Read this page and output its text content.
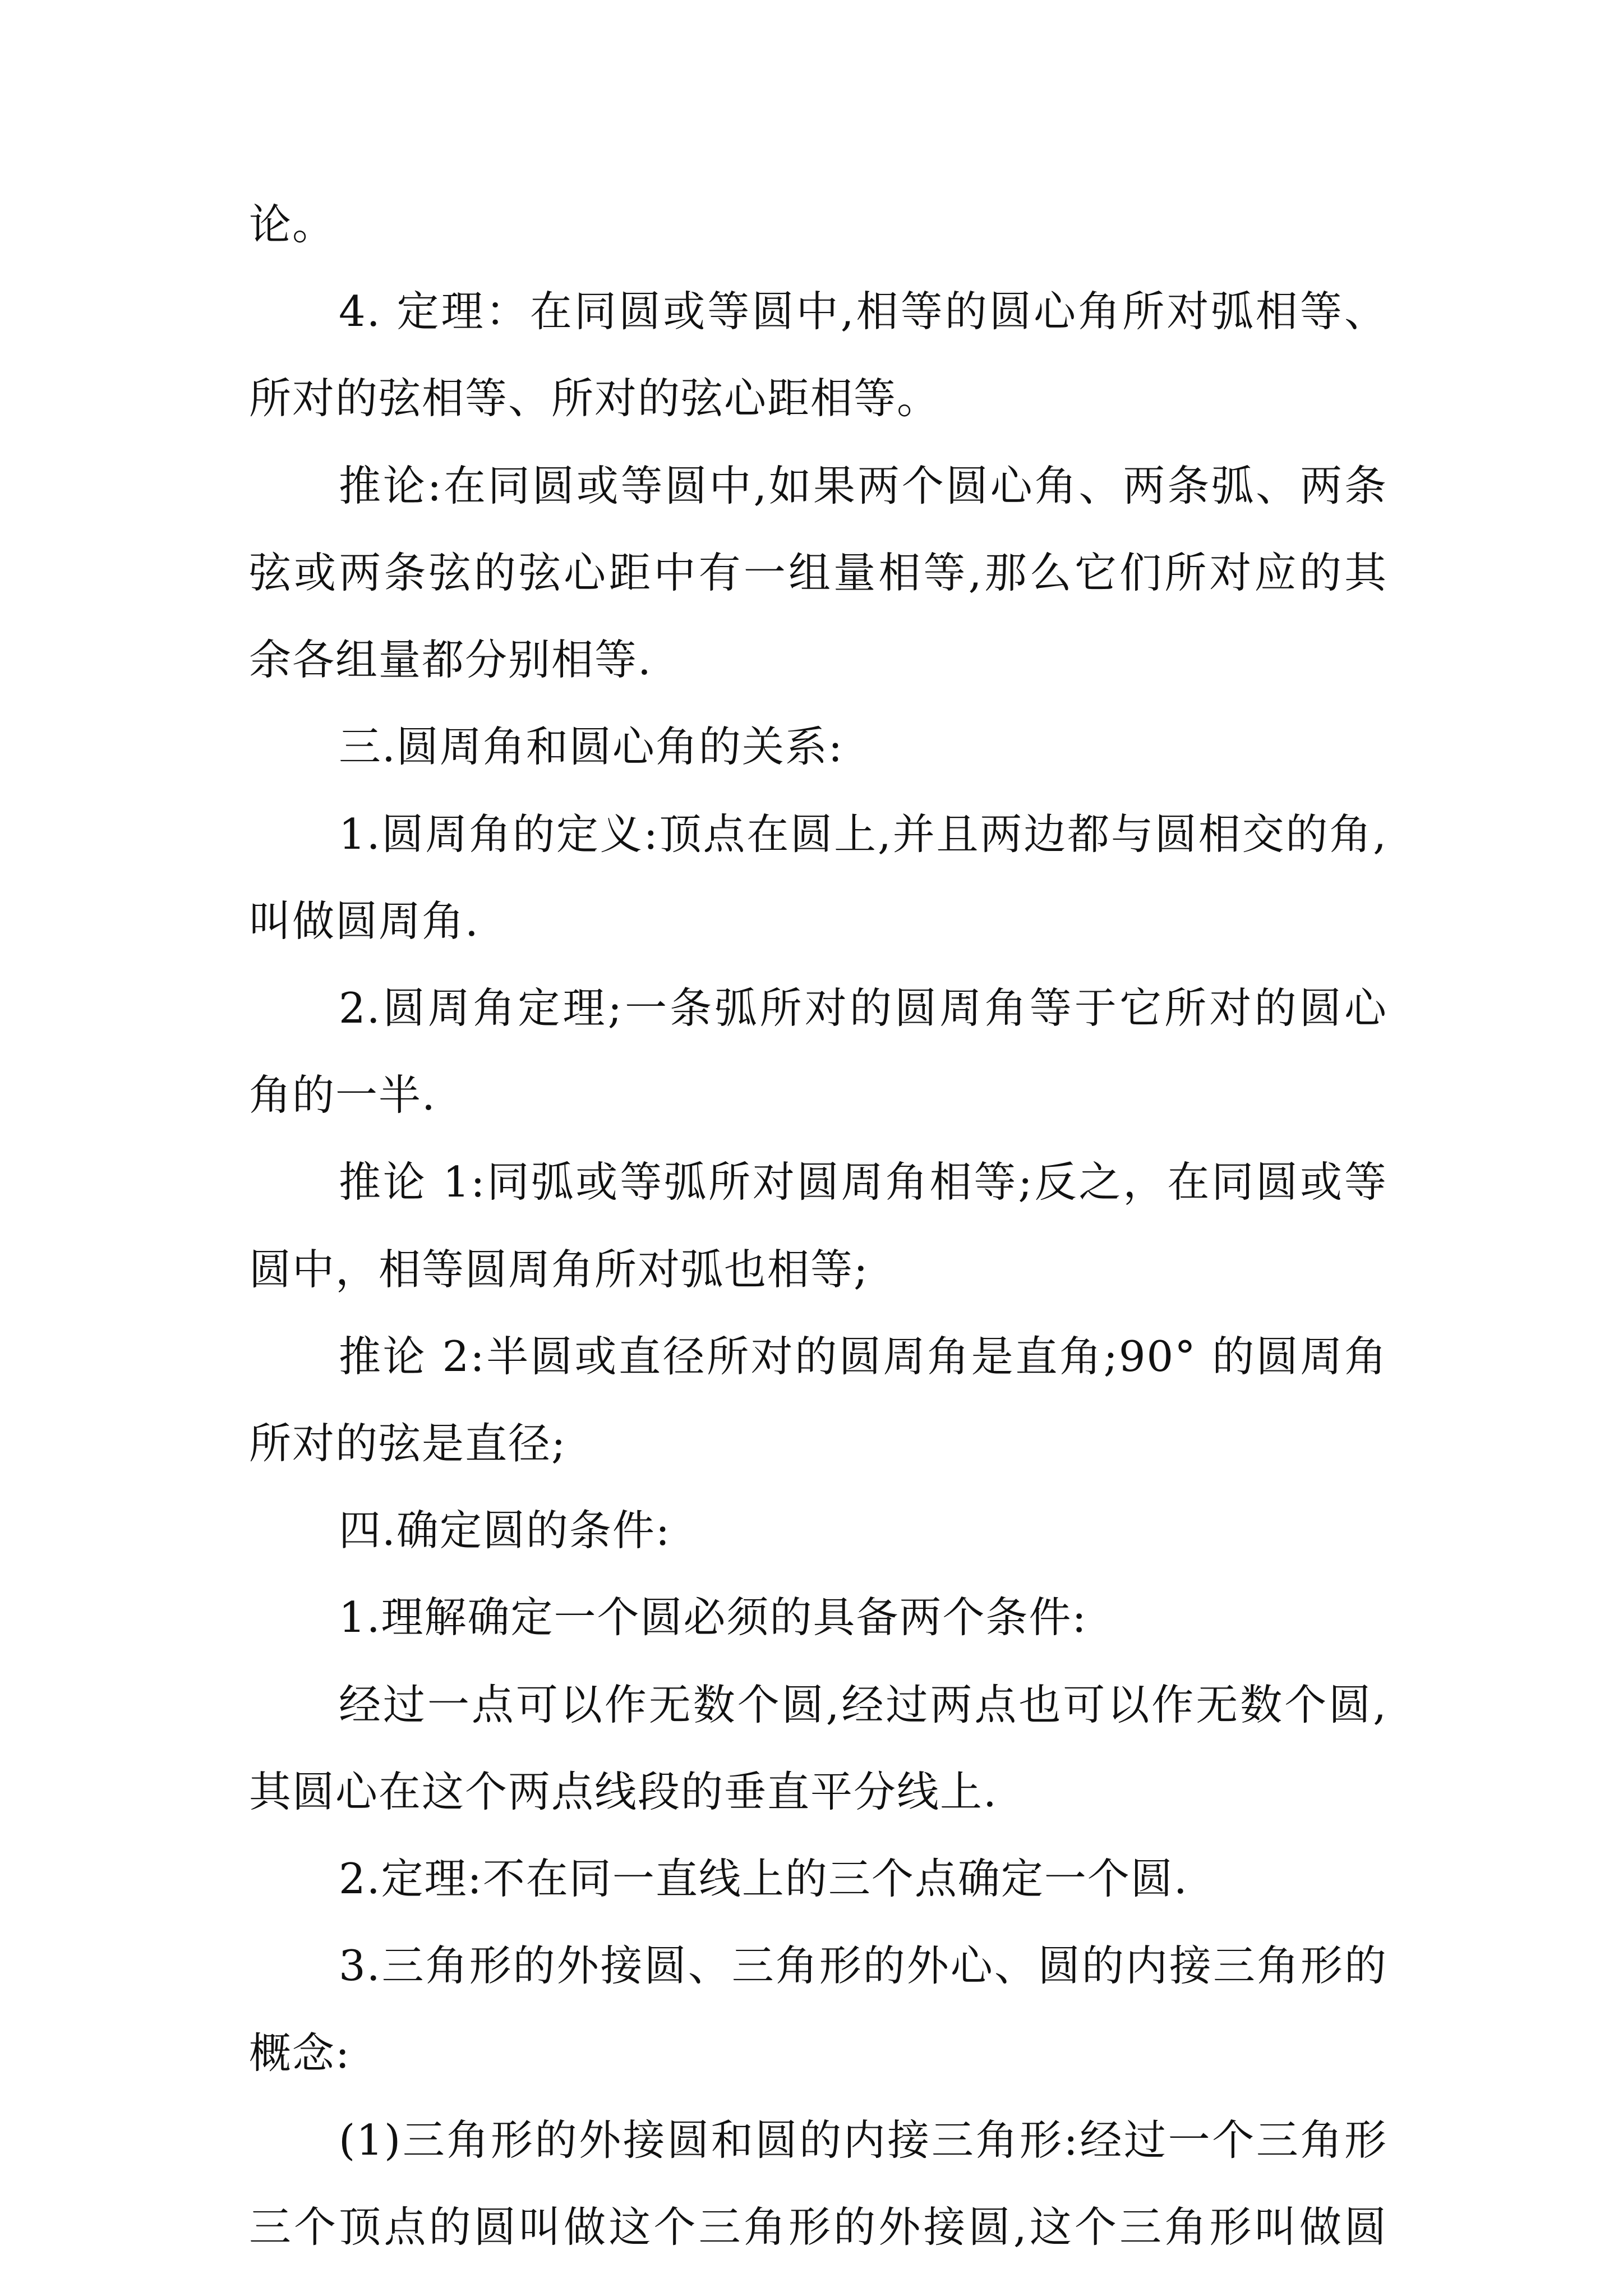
论。
4. 定理：在同圆或等圆中,相等的圆心角所对弧相等、
所对的弦相等、所对的弦心距相等。
推论:在同圆或等圆中,如果两个圆心角、两条弧、两条
弦或两条弦的弦心距中有一组量相等,那么它们所对应的其
余各组量都分别相等.
三.圆周角和圆心角的关系:
1.圆周角的定义:顶点在圆上,并且两边都与圆相交的角,
叫做圆周角.
2.圆周角定理;一条弧所对的圆周角等于它所对的圆心
角的一半.
推论 1:同弧或等弧所对圆周角相等;反之，在同圆或等
圆中，相等圆周角所对弧也相等;
推论 2:半圆或直径所对的圆周角是直角;90° 的圆周角
所对的弦是直径;
四.确定圆的条件:
1.理解确定一个圆必须的具备两个条件:
经过一点可以作无数个圆,经过两点也可以作无数个圆,
其圆心在这个两点线段的垂直平分线上.
2.定理:不在同一直线上的三个点确定一个圆.
3.三角形的外接圆、三角形的外心、圆的内接三角形的
概念:
(1)三角形的外接圆和圆的内接三角形:经过一个三角形
三个顶点的圆叫做这个三角形的外接圆,这个三角形叫做圆
